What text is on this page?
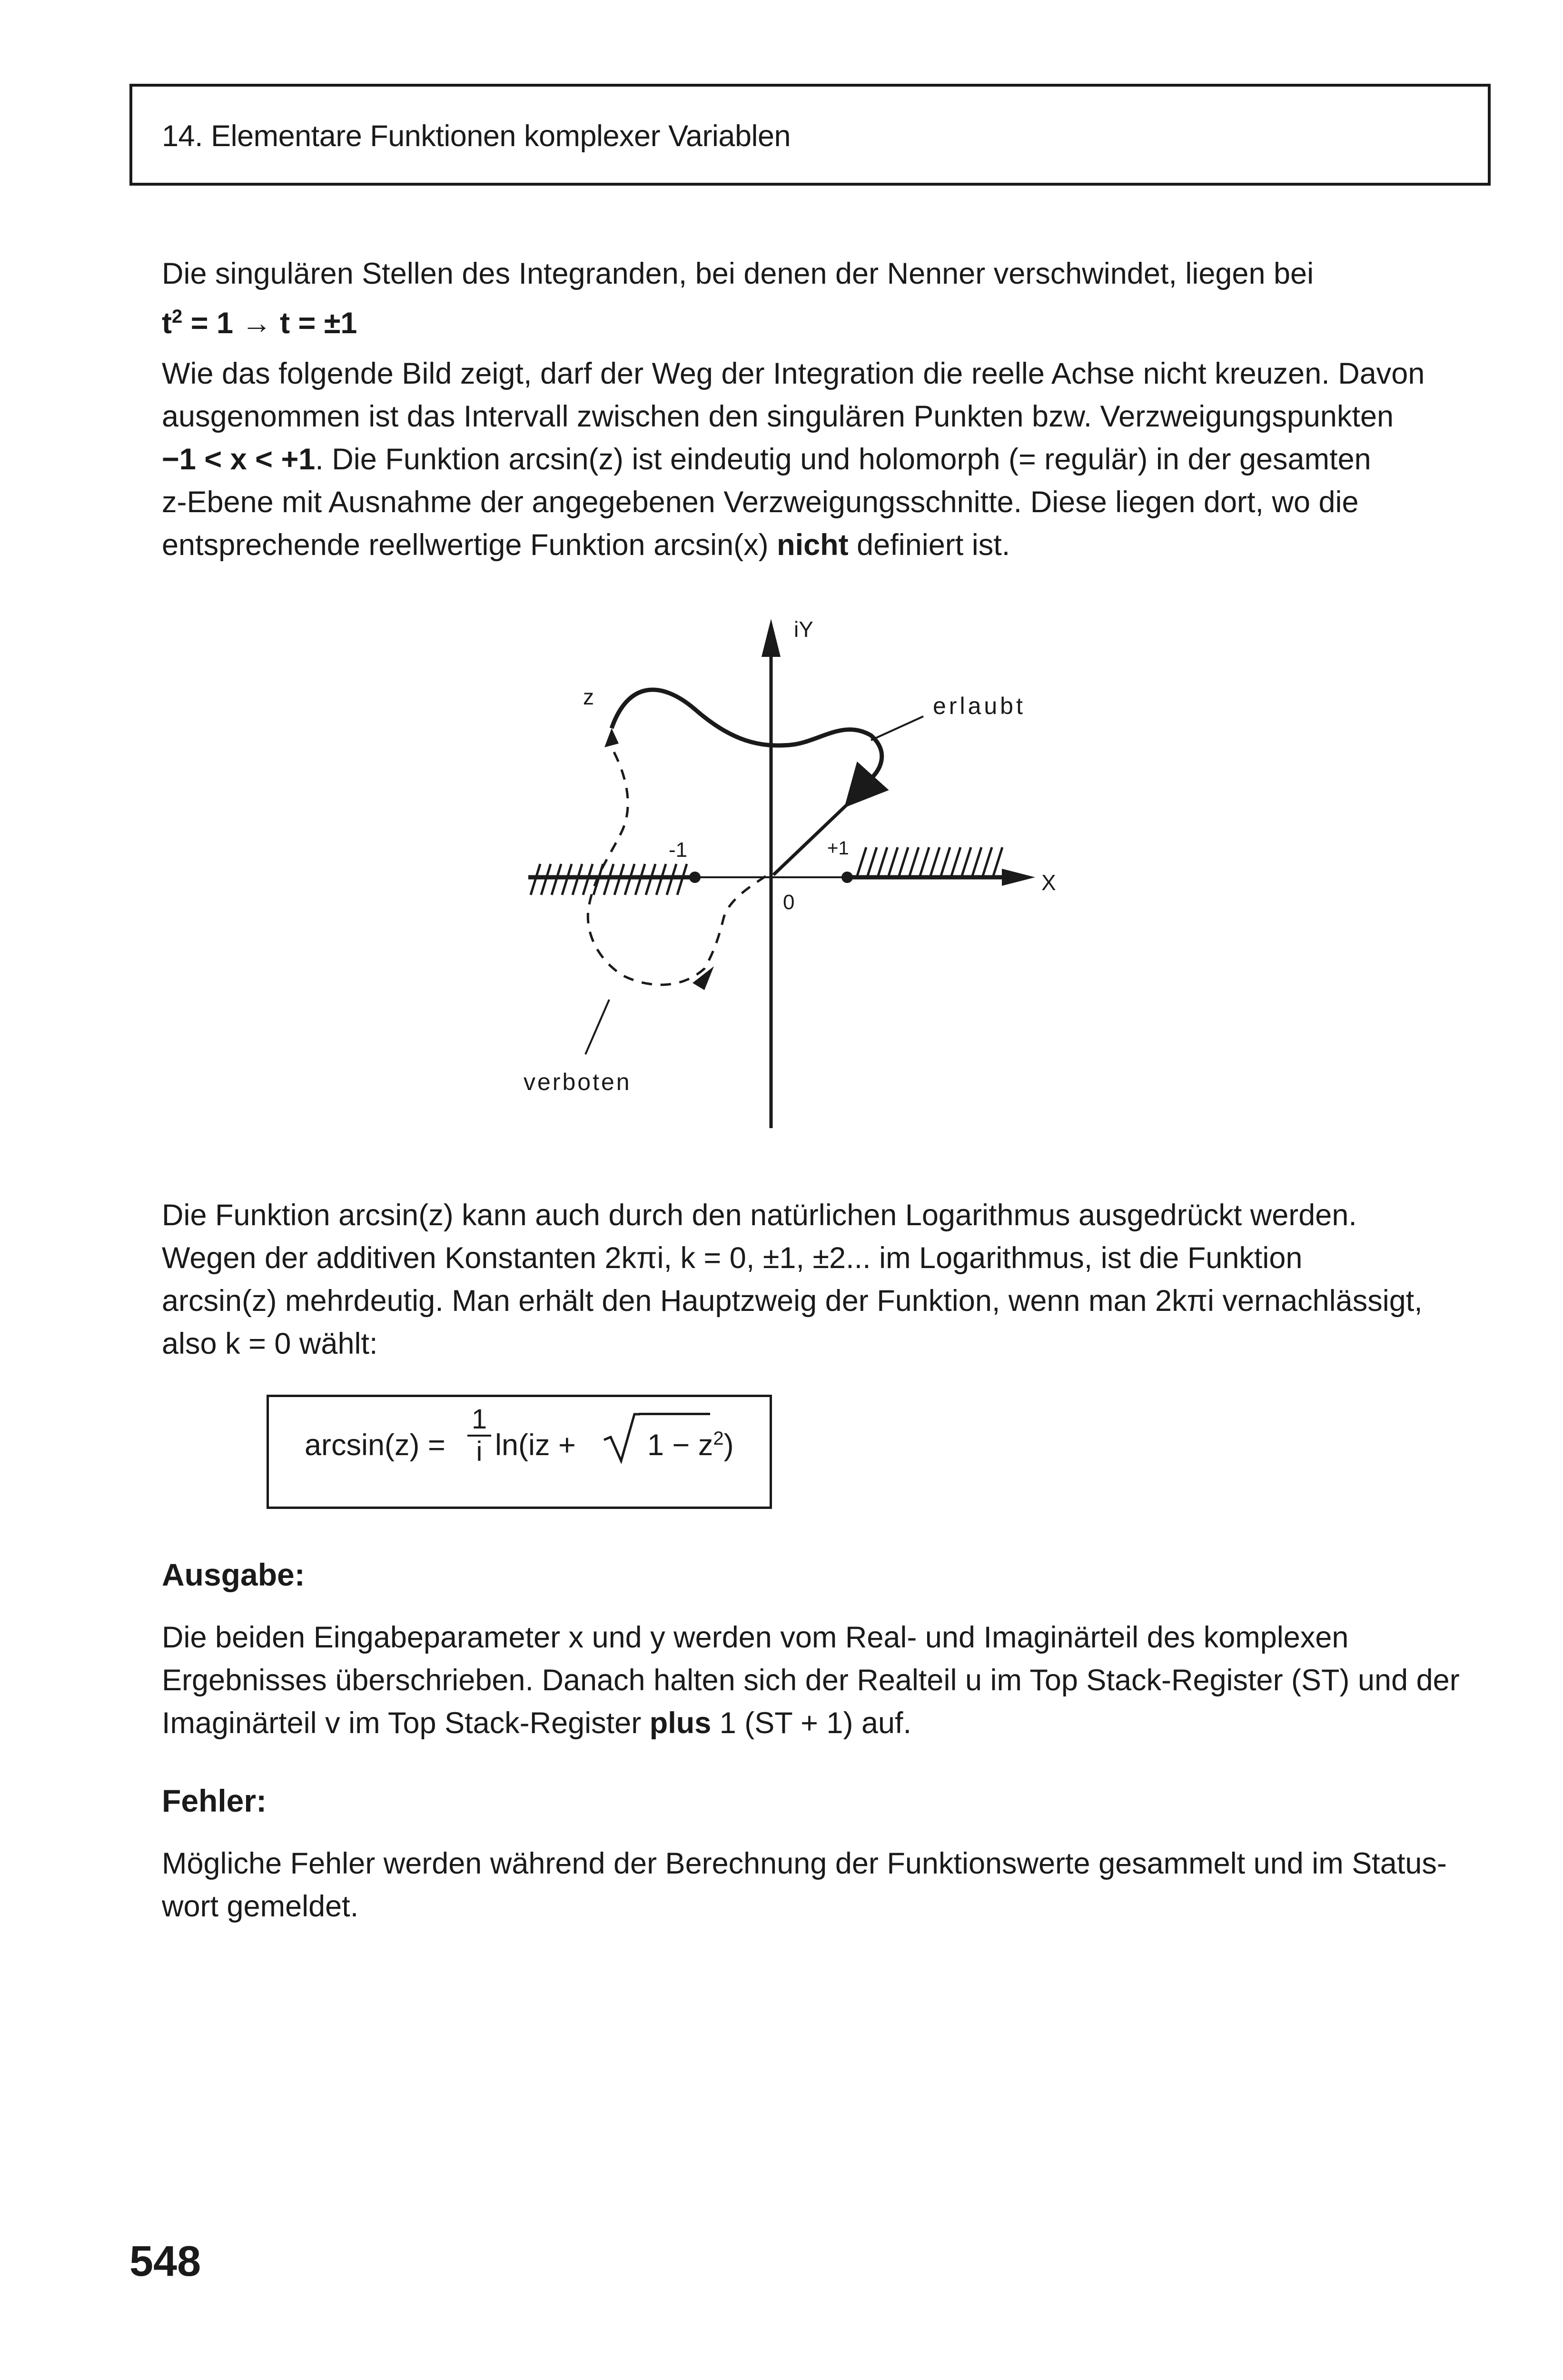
14. Elementare Funktionen komplexer Variablen
Die singulären Stellen des Integranden, bei denen der Nenner verschwindet, liegen bei
$t^2 = 1 \to t = \pm 1$
Wie das folgende Bild zeigt, darf der Weg der Integration die reelle Achse nicht kreuzen. Davon
ausgenommen ist das Intervall zwischen den singulären Punkten bzw. Verzweigungspunkten
−1 < x < +1. Die Funktion arcsin(z) ist eindeutig und holomorph (= regulär) in der gesamten
z-Ebene mit Ausnahme der angegebenen Verzweigungsschnitte. Diese liegen dort, wo die
entsprechende reellwertige Funktion arcsin(x) nicht definiert ist.
iY
X
-1	+1
0
z	erlaubt
verboten
Die Funktion arcsin(z) kann auch durch den natürlichen Logarithmus ausgedrückt werden.
Wegen der additiven Konstanten 2kπi, k = 0, ±1, ±2... im Logarithmus, ist die Funktion
arcsin(z) mehrdeutig. Man erhält den Hauptzweig der Funktion, wenn man 2kπi vernachlässigt,
also k = 0 wählt:
$\arcsin(z) = \frac{1}{i} \ln(iz + 1 - z^2)$
Ausgabe:
Die beiden Eingabeparameter x und y werden vom Real- und Imaginärteil des komplexen
Ergebnisses überschrieben. Danach halten sich der Realteil u im Top Stack-Register (ST) und der
Imaginärteil v im Top Stack-Register plus 1 (ST + 1) auf.
Fehler:
Mögliche Fehler werden während der Berechnung der Funktionswerte gesammelt und im Status-
wort gemeldet.
548
